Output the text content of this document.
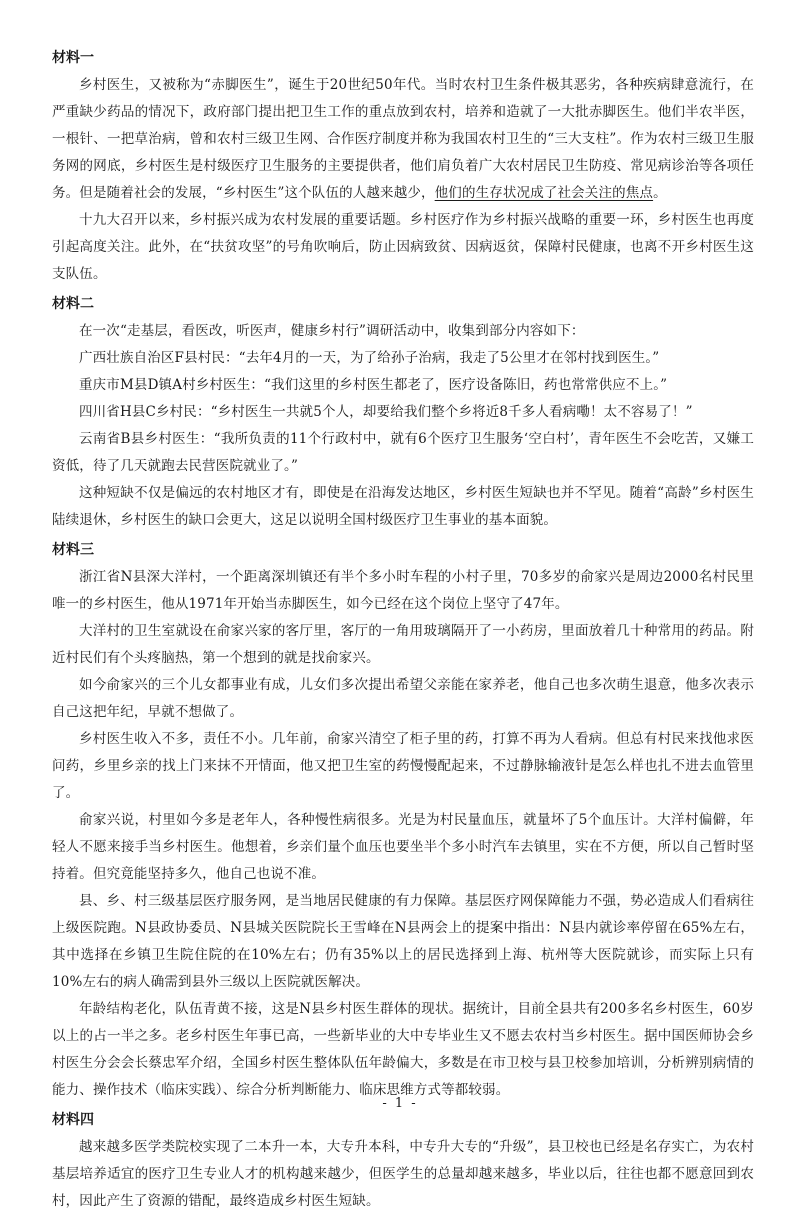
材料一

乡村医生，又被称为“赤脚医生”，诞生于20世纪50年代。当时农村卫生条件极其恶劣，各种疾病肆意流行，在严重缺少药品的情况下，政府部门提出把卫生工作的重点放到农村，培养和造就了一大批赤脚医生。他们半农半医，一根针、一把草治病，曾和农村三级卫生网、合作医疗制度并称为我国农村卫生的“三大支柱”。作为农村三级卫生服务网的网底，乡村医生是村级医疗卫生服务的主要提供者，他们肩负着广大农村居民卫生防疫、常见病诊治等各项任务。但是随着社会的发展，“乡村医生”这个队伍的人越来越少，他们的生存状况成了社会关注的焦点。

十九大召开以来，乡村振兴成为农村发展的重要话题。乡村医疗作为乡村振兴战略的重要一环，乡村医生也再度引起高度关注。此外，在“扶贫攻坚”的号角吹响后，防止因病致贫、因病返贫，保障村民健康，也离不开乡村医生这支队伍。

材料二

在一次“走基层，看医改，听医声，健康乡村行”调研活动中，收集到部分内容如下：

广西壮族自治区F县村民：“去年4月的一天，为了给孙子治病，我走了5公里才在邻村找到医生。”

重庆市M县D镇A村乡村医生：“我们这里的乡村医生都老了，医疗设备陈旧，药也常常供应不上。”

四川省H县C乡村民：“乡村医生一共就5个人，却要给我们整个乡将近8千多人看病嘞！太不容易了！”

云南省B县乡村医生：“我所负责的11个行政村中，就有6个医疗卫生服务‘空白村’，青年医生不会吃苦，又嫌工资低，待了几天就跑去民营医院就业了。”

这种短缺不仅是偏远的农村地区才有，即使是在沿海发达地区，乡村医生短缺也并不罕见。随着“高龄”乡村医生陆续退休，乡村医生的缺口会更大，这足以说明全国村级医疗卫生事业的基本面貌。

材料三

浙江省N县深大洋村，一个距离深圳镇还有半个多小时车程的小村子里，70多岁的俞家兴是周边2000名村民里唯一的乡村医生，他从1971年开始当赤脚医生，如今已经在这个岗位上坚守了47年。

大洋村的卫生室就设在俞家兴家的客厅里，客厅的一角用玻璃隔开了一小药房，里面放着几十种常用的药品。附近村民们有个头疼脑热，第一个想到的就是找俞家兴。

如今俞家兴的三个儿女都事业有成，儿女们多次提出希望父亲能在家养老，他自己也多次萌生退意，他多次表示自己这把年纪，早就不想做了。

乡村医生收入不多，责任不小。几年前，俞家兴清空了柜子里的药，打算不再为人看病。但总有村民来找他求医问药，乡里乡亲的找上门来抹不开情面，他又把卫生室的药慢慢配起来，不过静脉输液针是怎么样也扎不进去血管里了。

俞家兴说，村里如今多是老年人，各种慢性病很多。光是为村民量血压，就量坏了5个血压计。大洋村偏僻，年轻人不愿来接手当乡村医生。他想着，乡亲们量个血压也要坐半个多小时汽车去镇里，实在不方便，所以自己暂时坚持着。但究竟能坚持多久，他自己也说不准。

县、乡、村三级基层医疗服务网，是当地居民健康的有力保障。基层医疗网保障能力不强，势必造成人们看病往上级医院跑。N县政协委员、N县城关医院院长王雪峰在N县两会上的提案中指出：N县内就诊率停留在65%左右，其中选择在乡镇卫生院住院的在10%左右；仍有35%以上的居民选择到上海、杭州等大医院就诊，而实际上只有10%左右的病人确需到县外三级以上医院就医解决。

年龄结构老化，队伍青黄不接，这是N县乡村医生群体的现状。据统计，目前全县共有200多名乡村医生，60岁以上的占一半之多。老乡村医生年事已高，一些新毕业的大中专毕业生又不愿去农村当乡村医生。据中国医师协会乡村医生分会会长蔡忠军介绍，全国乡村医生整体队伍年龄偏大，多数是在市卫校与县卫校参加培训，分析辨别病情的能力、操作技术（临床实践）、综合分析判断能力、临床思维方式等都较弱。

材料四

越来越多医学类院校实现了二本升一本，大专升本科，中专升大专的“升级”，县卫校也已经是名存实亡，为农村基层培养适宜的医疗卫生专业人才的机构越来越少，但医学生的总量却越来越多，毕业以后，往往也都不愿意回到农村，因此产生了资源的错配，最终造成乡村医生短缺。

- 1 -
